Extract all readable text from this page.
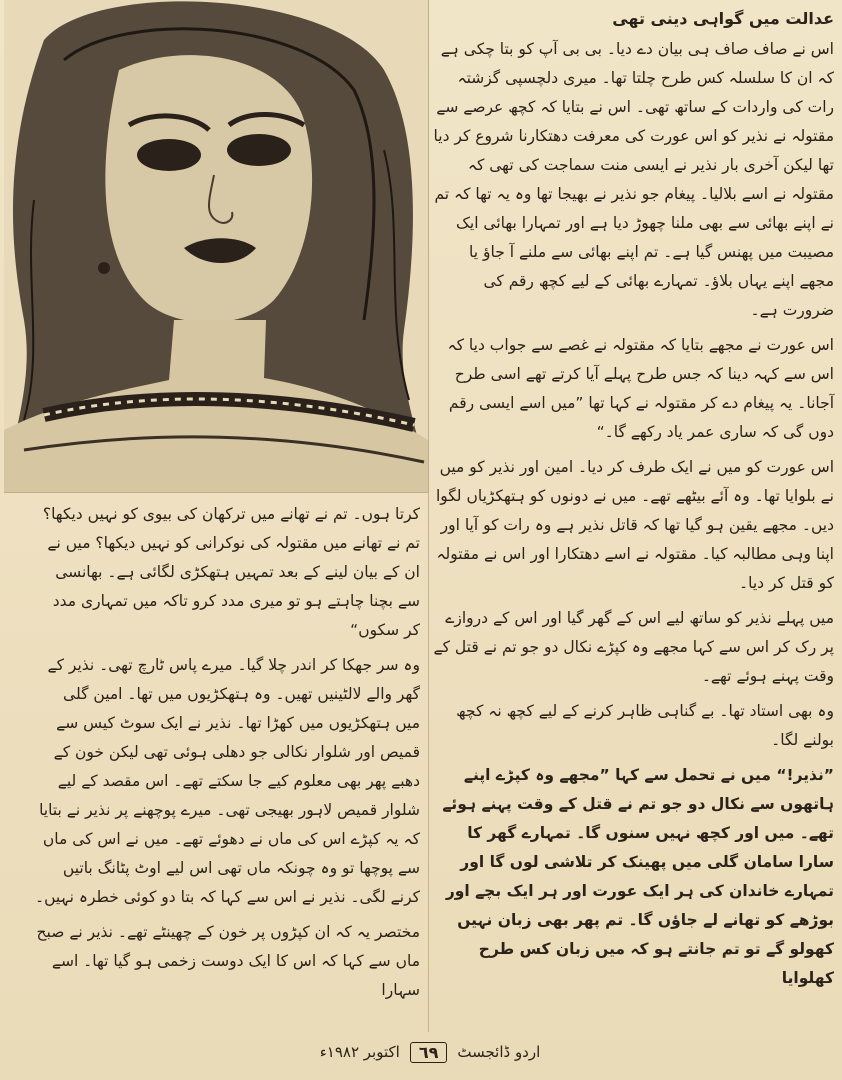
عدالت میں گواہی دینی تھی

اس نے صاف صاف ہی بیان دے دیا۔ بی بی آپ کو بتا چکی ہے کہ ان کا سلسلہ کس طرح چلتا تھا۔ میری دلچسپی گزشتہ رات کی واردات کے ساتھ تھی۔ اس نے بتایا کہ کچھ عرصے سے مقتولہ نے نذیر کو اس عورت کی معرفت دھتکارنا شروع کر دیا تھا لیکن آخری بار نذیر نے ایسی منت سماجت کی تھی کہ مقتولہ نے اسے بلالیا۔ پیغام جو نذیر نے بھیجا تھا وہ یہ تھا کہ تم نے اپنے بھائی سے بھی ملنا چھوڑ دیا ہے اور تمہارا بھائی ایک مصیبت میں پھنس گیا ہے۔ تم اپنے بھائی سے ملنے آ جاؤ یا مجھے اپنے یہاں بلاؤ۔ تمہارے بھائی کے لیے کچھ رقم کی ضرورت ہے۔

اس عورت نے مجھے بتایا کہ مقتولہ نے غصے سے جواب دیا کہ اس سے کہہ دینا کہ جس طرح پہلے آیا کرتے تھے اسی طرح آجانا۔ یہ پیغام دے کر مقتولہ نے کہا تھا ”میں اسے ایسی رقم دوں گی کہ ساری عمر یاد رکھے گا۔“

اس عورت کو میں نے ایک طرف کر دیا۔ امین اور نذیر کو میں نے بلوایا تھا۔ وہ آئے بیٹھے تھے۔ میں نے دونوں کو ہتھکڑیاں لگوا دیں۔ مجھے یقین ہو گیا تھا کہ قاتل نذیر ہے وہ رات کو آیا اور اپنا وہی مطالبہ کیا۔ مقتولہ نے اسے دھتکارا اور اس نے مقتولہ کو قتل کر دیا۔

میں پہلے نذیر کو ساتھ لیے اس کے گھر گیا اور اس کے دروازے پر رک کر اس سے کہا مجھے وہ کپڑے نکال دو جو تم نے قتل کے وقت پہنے ہوئے تھے۔

وہ بھی استاد تھا۔ بے گناہی ظاہر کرنے کے لیے کچھ نہ کچھ بولنے لگا۔

”نذیر!“ میں نے تحمل سے کہا ”مجھے وہ کپڑے اپنے ہاتھوں سے نکال دو جو تم نے قتل کے وقت پہنے ہوئے تھے۔ میں اور کچھ نہیں سنوں گا۔ تمہارے گھر کا سارا سامان گلی میں پھینک کر تلاشی لوں گا اور تمہارے خاندان کی ہر ایک عورت اور ہر ایک بچے اور بوڑھے کو تھانے لے جاؤں گا۔ تم پھر بھی زبان نہیں کھولو گے تو تم جانتے ہو کہ میں زبان کس طرح کھلوایا

کرتا ہوں۔ تم نے تھانے میں ترکھان کی بیوی کو نہیں دیکھا؟ تم نے تھانے میں مقتولہ کی نوکرانی کو نہیں دیکھا؟ میں نے ان کے بیان لینے کے بعد تمہیں ہتھکڑی لگائی ہے۔ بھانسی سے بچنا چاہتے ہو تو میری مدد کرو تاکہ میں تمہاری مدد کر سکوں“

وہ سر جھکا کر اندر چلا گیا۔ میرے پاس ٹارچ تھی۔ نذیر کے گھر والے لالٹینیں تھیں۔ وہ ہتھکڑیوں میں تھا۔ امین گلی میں ہتھکڑیوں میں کھڑا تھا۔ نذیر نے ایک سوٹ کیس سے قمیص اور شلوار نکالی جو دھلی ہوئی تھی لیکن خون کے دھبے پھر بھی معلوم کیے جا سکتے تھے۔ اس مقصد کے لیے شلوار قمیص لاہور بھیجی تھی۔ میرے پوچھنے پر نذیر نے بتایا کہ یہ کپڑے اس کی ماں نے دھوئے تھے۔ میں نے اس کی ماں سے پوچھا تو وہ چونکہ ماں تھی اس لیے اوٹ پٹانگ باتیں کرنے لگی۔ نذیر نے اس سے کہا کہ بتا دو کوئی خطرہ نہیں۔

مختصر یہ کہ ان کپڑوں پر خون کے چھینٹے تھے۔ نذیر نے صبح ماں سے کہا کہ اس کا ایک دوست زخمی ہو گیا تھا۔ اسے سہارا

اردو ڈائجسٹ
٦٩
اکتوبر ۱۹۸۲ء
